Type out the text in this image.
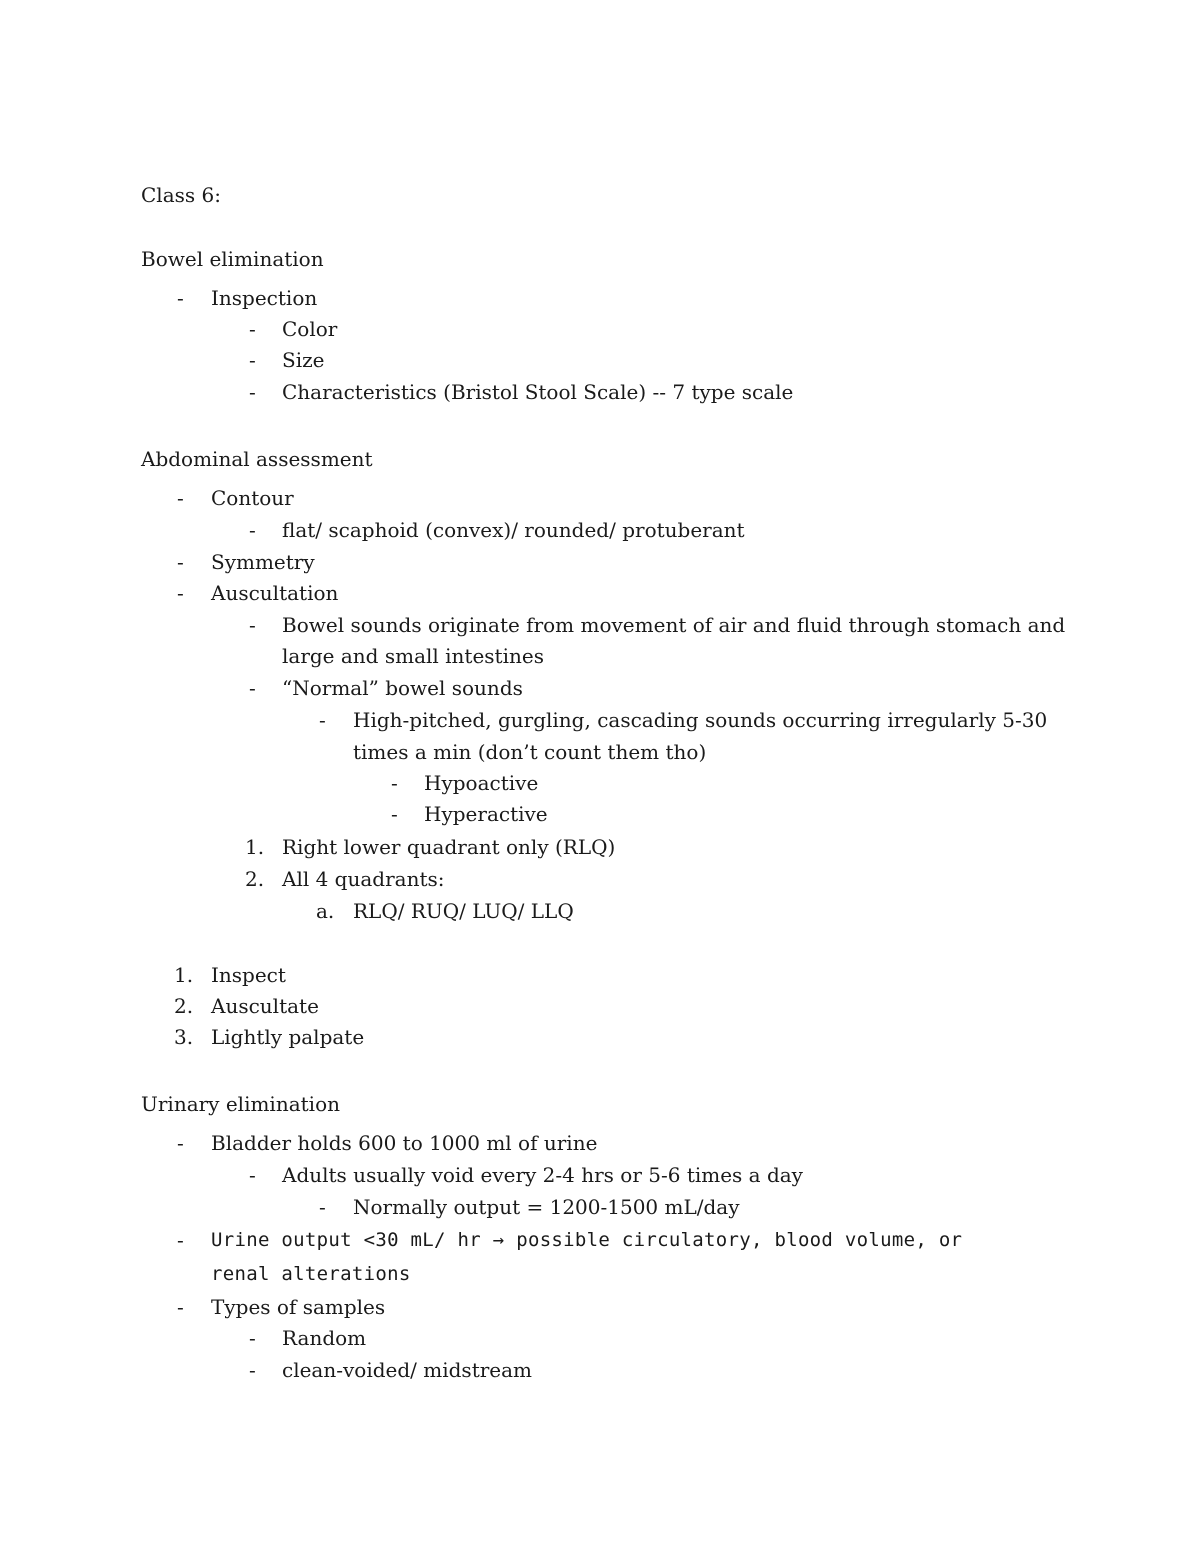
Class 6:
Bowel elimination
- Inspection
- Color
- Size
- Characteristics (Bristol Stool Scale) -- 7 type scale
Abdominal assessment
- Contour
- flat/ scaphoid (convex)/ rounded/ protuberant
- Symmetry
- Auscultation
- Bowel sounds originate from movement of air and fluid through stomach and
large and small intestines
- “Normal” bowel sounds
- High-pitched, gurgling, cascading sounds occurring irregularly 5-30
times a min (don’t count them tho)
- Hypoactive
- Hyperactive
1. Right lower quadrant only (RLQ)
2. All 4 quadrants:
a. RLQ/ RUQ/ LUQ/ LLQ
1. Inspect
2. Auscultate
3. Lightly palpate
Urinary elimination
- Bladder holds 600 to 1000 ml of urine
- Adults usually void every 2-4 hrs or 5-6 times a day
- Normally output = 1200-1500 mL/day
- Urine output <30 mL/ hr → possible circulatory, blood volume, or
renal alterations
- Types of samples
- Random
- clean-voided/ midstream
